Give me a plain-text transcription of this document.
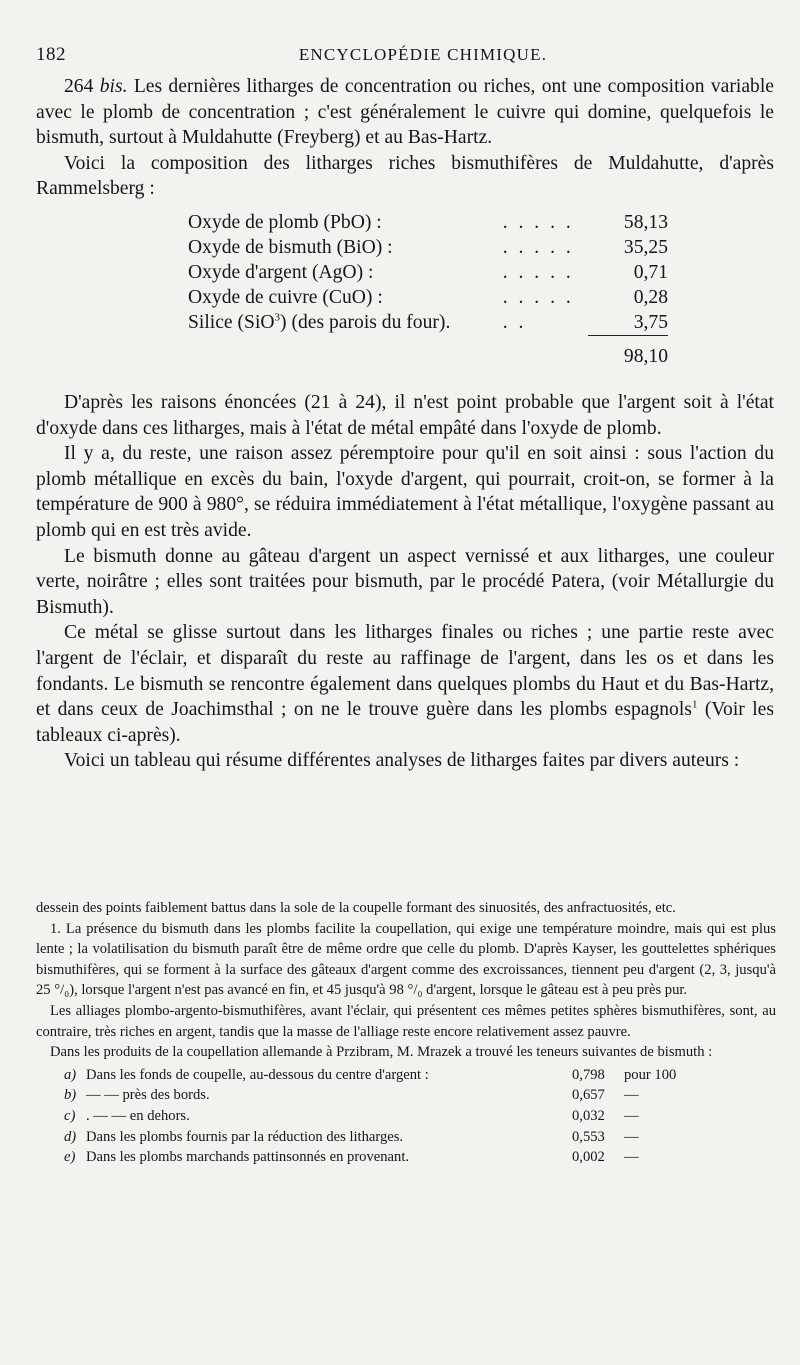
182	ENCYCLOPÉDIE CHIMIQUE.

264 bis. Les dernières litharges de concentration ou riches, ont une composition variable avec le plomb de concentration ; c'est généralement le cuivre qui domine, quelquefois le bismuth, surtout à Muldahutte (Freyberg) et au Bas-Hartz.

Voici la composition des litharges riches bismuthifères de Muldahutte, d'après Rammelsberg :

Oxyde de plomb (PbO) :	. . . . .	58,13
Oxyde de bismuth (BiO) :	. . . . .	35,25
Oxyde d'argent (AgO) :	. . . . .	0,71
Oxyde de cuivre (CuO) :	. . . . .	0,28
Silice (SiO$^3$) (des parois du four).	. .	3,75
		98,10

D'après les raisons énoncées (21 à 24), il n'est point probable que l'argent soit à l'état d'oxyde dans ces litharges, mais à l'état de métal empâté dans l'oxyde de plomb.

Il y a, du reste, une raison assez péremptoire pour qu'il en soit ainsi : sous l'action du plomb métallique en excès du bain, l'oxyde d'argent, qui pourrait, croit-on, se former à la température de 900 à 980°, se réduira immédiatement à l'état métallique, l'oxygène passant au plomb qui en est très avide.

Le bismuth donne au gâteau d'argent un aspect vernissé et aux litharges, une couleur verte, noirâtre ; elles sont traitées pour bismuth, par le procédé Patera, (voir Métallurgie du Bismuth).

Ce métal se glisse surtout dans les litharges finales ou riches ; une partie reste avec l'argent de l'éclair, et disparaît du reste au raffinage de l'argent, dans les os et dans les fondants. Le bismuth se rencontre également dans quelques plombs du Haut et du Bas-Hartz, et dans ceux de Joachimsthal ; on ne le trouve guère dans les plombs espagnols$^1$ (Voir les tableaux ci-après).

Voici un tableau qui résume différentes analyses de litharges faites par divers auteurs :

dessein des points faiblement battus dans la sole de la coupelle formant des sinuosités, des anfractuosités, etc.

1. La présence du bismuth dans les plombs facilite la coupellation, qui exige une température moindre, mais qui est plus lente ; la volatilisation du bismuth paraît être de même ordre que celle du plomb. D'après Kayser, les gouttelettes sphériques bismuthifères, qui se forment à la surface des gâteaux d'argent comme des excroissances, tiennent peu d'argent (2, 3, jusqu'à 25 °/₀), lorsque l'argent n'est pas avancé en fin, et 45 jusqu'à 98 °/₀ d'argent, lorsque le gâteau est à peu près pur.

Les alliages plombo-argento-bismuthifères, avant l'éclair, qui présentent ces mêmes petites sphères bismuthifères, sont, au contraire, très riches en argent, tandis que la masse de l'alliage reste encore relativement assez pauvre.

Dans les produits de la coupellation allemande à Przibram, M. Mrazek a trouvé les teneurs suivantes de bismuth :

a)	Dans les fonds de coupelle, au-dessous du centre d'argent :	0,798	pour 100
b)	— — près des bords.	0,657	—
c)	. — — en dehors.	0,032	—
d)	Dans les plombs fournis par la réduction des litharges.	0,553	—
e)	Dans les plombs marchands pattinsonnés en provenant.	0,002	—
